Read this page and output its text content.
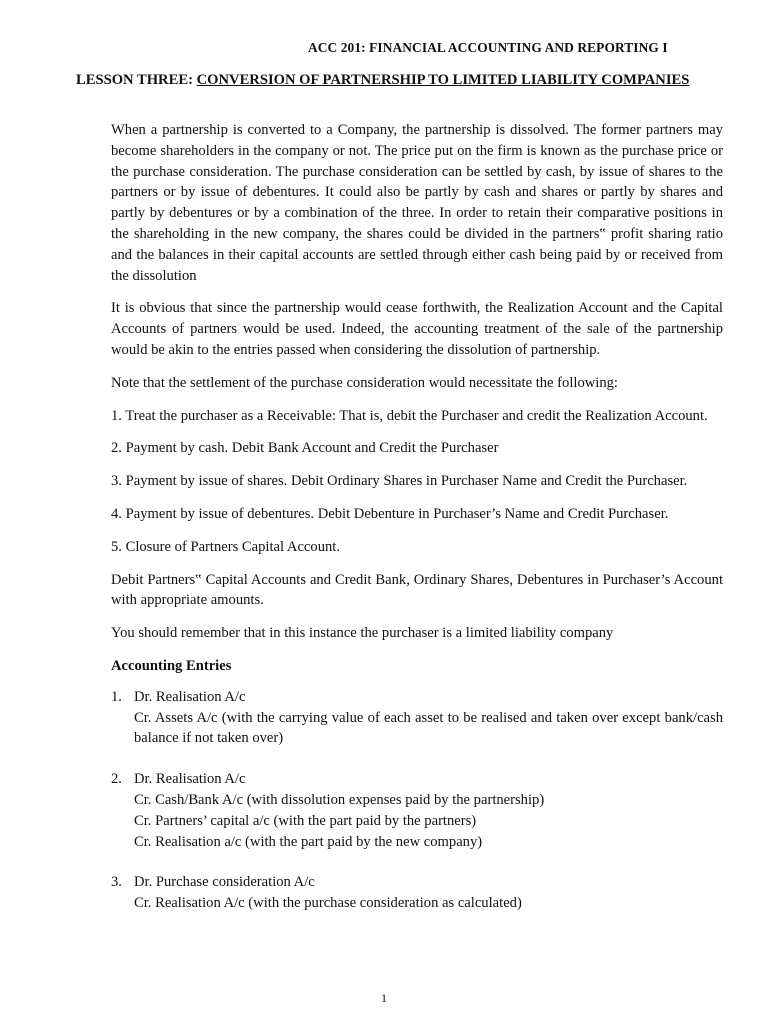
ACC 201: FINANCIAL ACCOUNTING AND REPORTING I
LESSON THREE: CONVERSION OF PARTNERSHIP TO LIMITED LIABILITY COMPANIES

When a partnership is converted to a Company, the partnership is dissolved. The former partners may become shareholders in the company or not. The price put on the firm is known as the purchase price or the purchase consideration. The purchase consideration can be settled by cash, by issue of shares to the partners or by issue of debentures. It could also be partly by cash and shares or partly by shares and partly by debentures or by a combination of the three. In order to retain their comparative positions in the shareholding in the new company, the shares could be divided in the partners‟ profit sharing ratio and the balances in their capital accounts are settled through either cash being paid by or received from the dissolution

It is obvious that since the partnership would cease forthwith, the Realization Account and the Capital Accounts of partners would be used. Indeed, the accounting treatment of the sale of the partnership would be akin to the entries passed when considering the dissolution of partnership.

Note that the settlement of the purchase consideration would necessitate the following:

1. Treat the purchaser as a Receivable: That is, debit the Purchaser and credit the Realization Account.

2. Payment by cash. Debit Bank Account and Credit the Purchaser

3. Payment by issue of shares. Debit Ordinary Shares in Purchaser Name and Credit the Purchaser.

4. Payment by issue of debentures. Debit Debenture in Purchaser’s Name and Credit Purchaser.

5. Closure of Partners Capital Account.

Debit Partners‟ Capital Accounts and Credit Bank, Ordinary Shares, Debentures in Purchaser’s Account with appropriate amounts.

You should remember that in this instance the purchaser is a limited liability company

Accounting Entries
1. Dr. Realisation A/c
Cr. Assets A/c (with the carrying value of each asset to be realised and taken over except bank/cash balance if not taken over)
2. Dr. Realisation A/c
Cr. Cash/Bank A/c (with dissolution expenses paid by the partnership)
Cr. Partners’ capital a/c (with the part paid by the partners)
Cr. Realisation a/c (with the part paid by the new company)
3. Dr. Purchase consideration A/c
Cr. Realisation A/c (with the purchase consideration as calculated)
1
